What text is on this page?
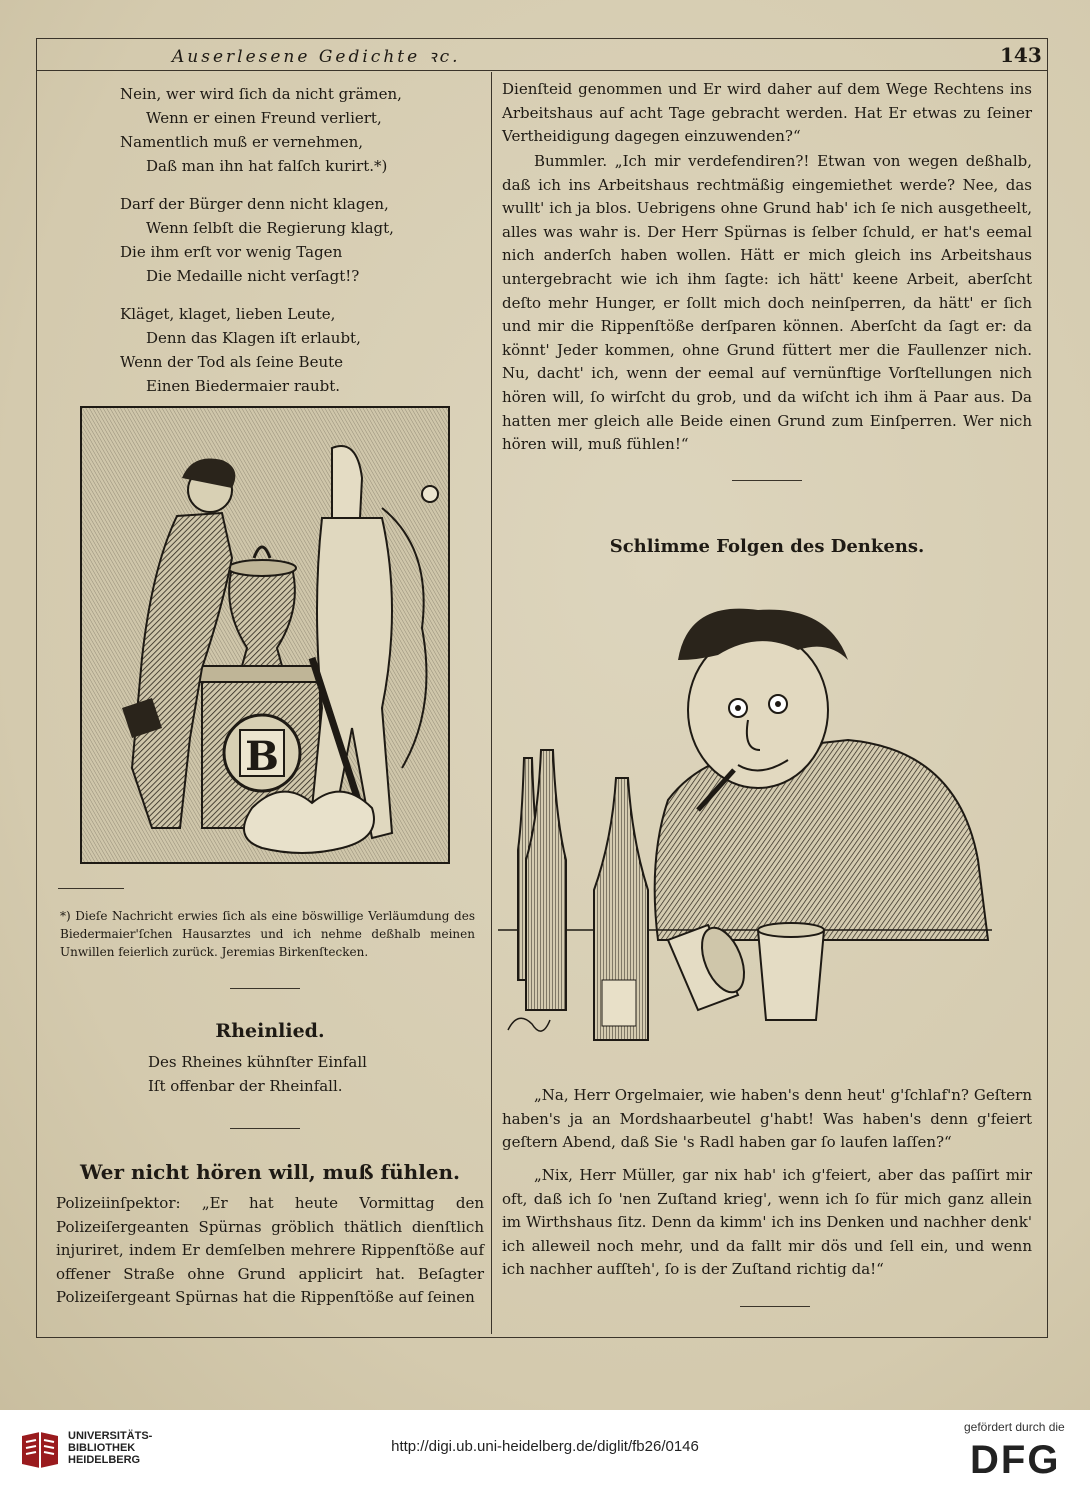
Auserlesene Gedichte ꝛc.	143
Nein, wer wird ſich da nicht grämen,
Wenn er einen Freund verliert,
Namentlich muß er vernehmen,
Daß man ihn hat falſch kurirt.*)
Darf der Bürger denn nicht klagen,
Wenn ſelbſt die Regierung klagt,
Die ihm erſt vor wenig Tagen
Die Medaille nicht verſagt!?
Kläget, klaget, lieben Leute,
Denn das Klagen iſt erlaubt,
Wenn der Tod als ſeine Beute
Einen Biedermaier raubt.
B
*) Dieſe Nachricht erwies ſich als eine böswillige Verläumdung des Biedermaier'ſchen Hausarztes und ich nehme deßhalb meinen Unwillen feierlich zurück. Jeremias Birkenſtecken.
Rheinlied.
Des Rheines kühnſter Einfall
Iſt offenbar der Rheinfall.
Wer nicht hören will, muß fühlen.
Polizeiinſpektor: „Er hat heute Vormittag den Polizeiſergeanten Spürnas gröblich thätlich dienſtlich injuriret, indem Er demſelben mehrere Rippenſtöße auf offener Straße ohne Grund applicirt hat. Beſagter Polizeiſergeant Spürnas hat die Rippenſtöße auf ſeinen
Dienſteid genommen und Er wird daher auf dem Wege Rechtens ins Arbeitshaus auf acht Tage gebracht werden. Hat Er etwas zu ſeiner Vertheidigung dagegen einzuwenden?“
Bummler. „Ich mir verdefendiren?! Etwan von wegen deßhalb, daß ich ins Arbeitshaus rechtmäßig eingemiethet werde? Nee, das wullt' ich ja blos. Uebrigens ohne Grund hab' ich ſe nich ausgetheelt, alles was wahr is. Der Herr Spürnas is ſelber ſchuld, er hat's eemal nich anderſch haben wollen. Hätt er mich gleich ins Arbeitshaus untergebracht wie ich ihm ſagte: ich hätt' keene Arbeit, aberſcht deſto mehr Hunger, er ſollt mich doch neinſperren, da hätt' er ſich und mir die Rippenſtöße derſparen können. Aberſcht da ſagt er: da könnt' Jeder kommen, ohne Grund füttert mer die Faullenzer nich. Nu, dacht' ich, wenn der eemal auf vernünftige Vorſtellungen nich hören will, ſo wirſcht du grob, und da wiſcht ich ihm ä Paar aus. Da hatten mer gleich alle Beide einen Grund zum Einſperren. Wer nich hören will, muß fühlen!“
Schlimme Folgen des Denkens.
„Na, Herr Orgelmaier, wie haben's denn heut' g'ſchlaf'n? Geſtern haben's ja an Mordshaarbeutel g'habt! Was haben's denn g'feiert geſtern Abend, daß Sie 's Radl haben gar ſo laufen laſſen?“
„Nix, Herr Müller, gar nix hab' ich g'feiert, aber das paſſirt mir oft, daß ich ſo 'nen Zuſtand krieg', wenn ich ſo für mich ganz allein im Wirthshaus ſitz. Denn da kimm' ich ins Denken und nachher denk' ich alleweil noch mehr, und da fallt mir dös und ſell ein, und wenn ich nachher aufſteh', ſo is der Zuſtand richtig da!“
UNIVERSITÄTS-
BIBLIOTHEK
HEIDELBERG
http://digi.ub.uni-heidelberg.de/diglit/fb26/0146
gefördert durch die
DFG
